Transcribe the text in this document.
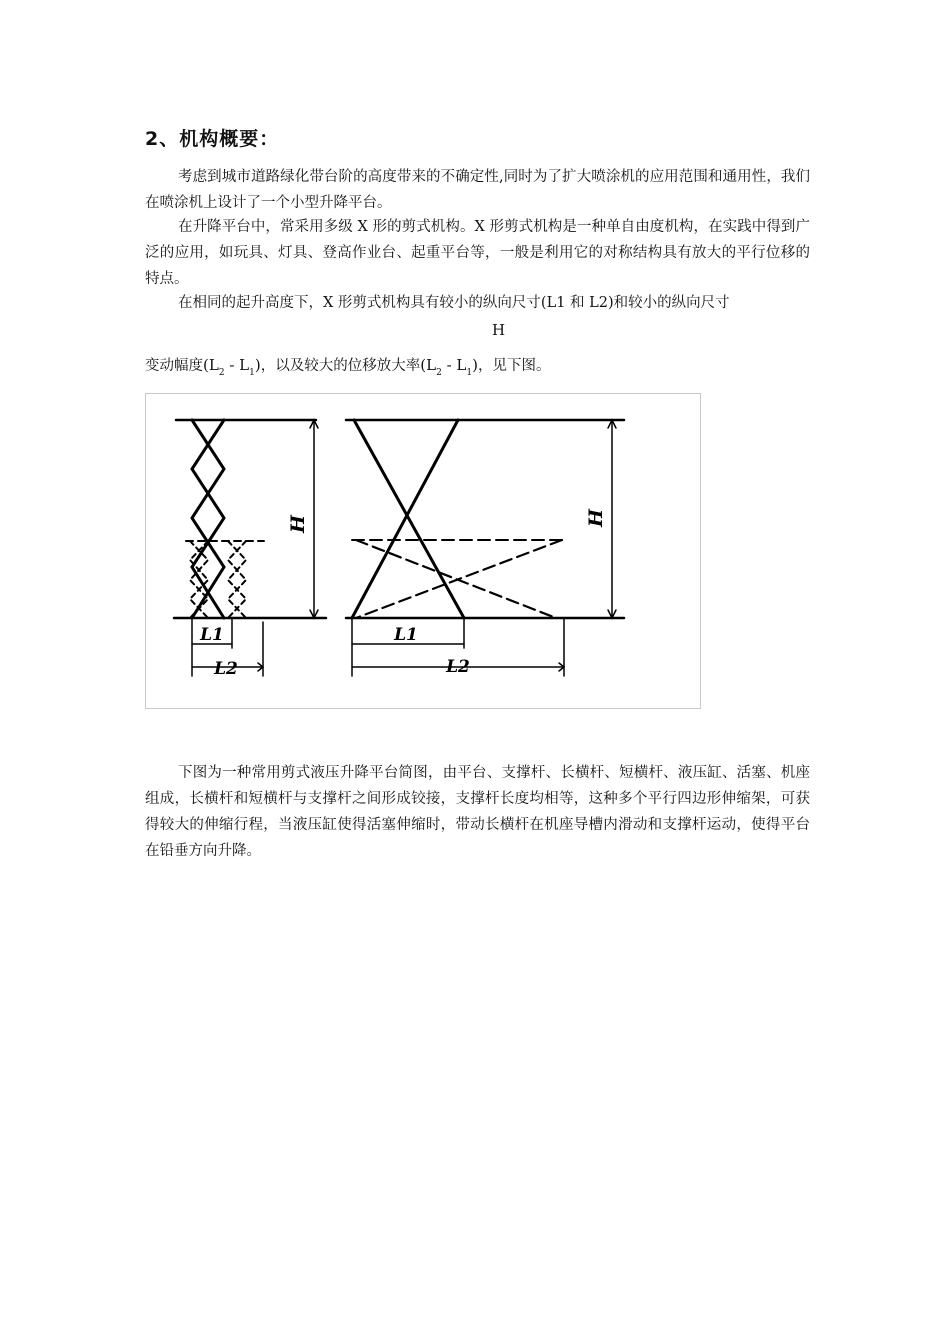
2、机构概要：

考虑到城市道路绿化带台阶的高度带来的不确定性,同时为了扩大喷涂机的应用范围和通用性，我们在喷涂机上设计了一个小型升降平台。

在升降平台中，常采用多级 X 形的剪式机构。X 形剪式机构是一种单自由度机构，在实践中得到广泛的应用，如玩具、灯具、登高作业台、起重平台等，一般是利用它的对称结构具有放大的平行位移的特点。

在相同的起升高度下，X 形剪式机构具有较小的纵向尺寸(L1 和 L2)和较小的纵向尺寸

H
变动幅度$(L_2 - L_1)$，以及较大的位移放大率$(L_2 - L_1)$，见下图。
H	H
L1
L2
L1
L2

下图为一种常用剪式液压升降平台简图，由平台、支撑杆、长横杆、短横杆、液压缸、活塞、机座组成，长横杆和短横杆与支撑杆之间形成铰接，支撑杆长度均相等，这种多个平行四边形伸缩架，可获得较大的伸缩行程，当液压缸使得活塞伸缩时，带动长横杆在机座导槽内滑动和支撑杆运动，使得平台在铅垂方向升降。
